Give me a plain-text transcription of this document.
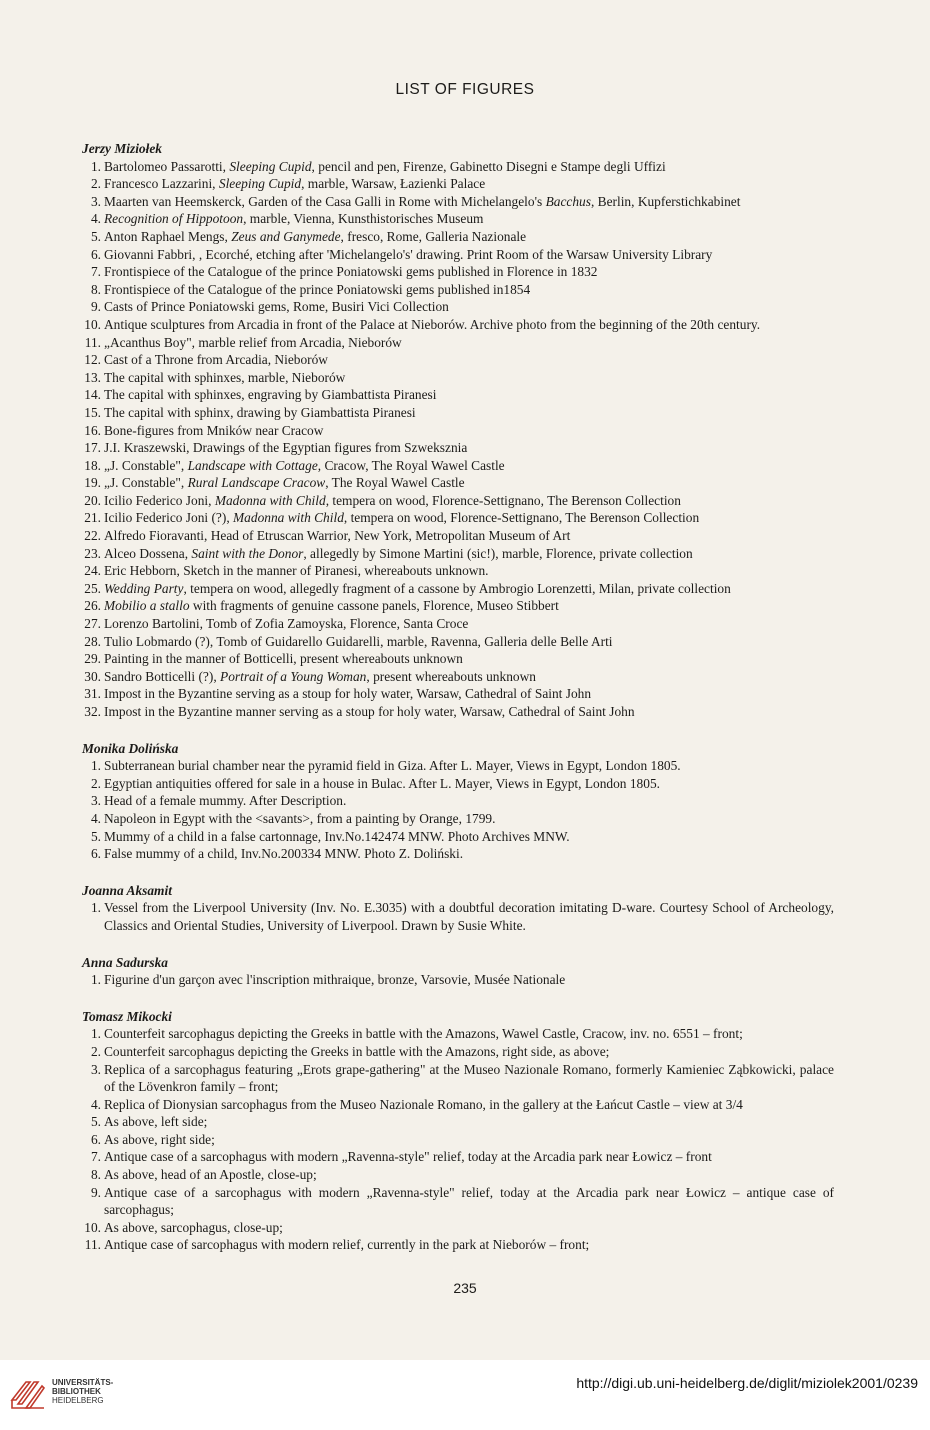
LIST OF FIGURES
Jerzy Miziołek
1. Bartolomeo Passarotti, Sleeping Cupid, pencil and pen, Firenze, Gabinetto Disegni e Stampe degli Uffizi
2. Francesco Lazzarini, Sleeping Cupid, marble, Warsaw, Łazienki Palace
3. Maarten van Heemskerck, Garden of the Casa Galli in Rome with Michelangelo's Bacchus, Berlin, Kupferstichkabinet
4. Recognition of Hippotoon, marble, Vienna, Kunsthistorisches Museum
5. Anton Raphael Mengs, Zeus and Ganymede, fresco, Rome, Galleria Nazionale
6. Giovanni Fabbri, , Ecorché, etching after 'Michelangelo's' drawing. Print Room of the Warsaw University Library
7. Frontispiece of the Catalogue of the prince Poniatowski gems published in Florence in 1832
8. Frontispiece of the Catalogue of the prince Poniatowski gems published in1854
9. Casts of Prince Poniatowski gems, Rome, Busiri Vici Collection
10. Antique sculptures from Arcadia in front of the Palace at Nieborów. Archive photo from the beginning of the 20th century.
11. „Acanthus Boy", marble relief from Arcadia, Nieborów
12. Cast of a Throne from Arcadia, Nieborów
13. The capital with sphinxes, marble, Nieborów
14. The capital with sphinxes, engraving by Giambattista Piranesi
15. The capital with sphinx, drawing by Giambattista Piranesi
16. Bone-figures from Mników near Cracow
17. J.I. Kraszewski, Drawings of the Egyptian figures from Szweksznia
18. „J. Constable", Landscape with Cottage, Cracow, The Royal Wawel Castle
19. „J. Constable", Rural Landscape Cracow, The Royal Wawel Castle
20. Icilio Federico Joni, Madonna with Child, tempera on wood, Florence-Settignano, The Berenson Collection
21. Icilio Federico Joni (?), Madonna with Child, tempera on wood, Florence-Settignano, The Berenson Collection
22. Alfredo Fioravanti, Head of Etruscan Warrior, New York, Metropolitan Museum of Art
23. Alceo Dossena, Saint with the Donor, allegedly by Simone Martini (sic!), marble, Florence, private collection
24. Eric Hebborn, Sketch in the manner of Piranesi, whereabouts unknown.
25. Wedding Party, tempera on wood, allegedly fragment of a cassone by Ambrogio Lorenzetti, Milan, private collection
26. Mobilio a stallo with fragments of genuine cassone panels, Florence, Museo Stibbert
27. Lorenzo Bartolini, Tomb of Zofia Zamoyska, Florence, Santa Croce
28. Tulio Lobmardo (?), Tomb of Guidarello Guidarelli, marble, Ravenna, Galleria delle Belle Arti
29. Painting in the manner of Botticelli, present whereabouts unknown
30. Sandro Botticelli (?), Portrait of a Young Woman, present whereabouts unknown
31. Impost in the Byzantine serving as a stoup for holy water, Warsaw, Cathedral of Saint John
32. Impost in the Byzantine manner serving as a stoup for holy water, Warsaw, Cathedral of Saint John
Monika Dolińska
1. Subterranean burial chamber near the pyramid field in Giza. After L. Mayer, Views in Egypt, London 1805.
2. Egyptian antiquities offered for sale in a house in Bulac. After L. Mayer, Views in Egypt, London 1805.
3. Head of a female mummy. After Description.
4. Napoleon in Egypt with the <savants>, from a painting by Orange, 1799.
5. Mummy of a child in a false cartonnage, Inv.No.142474 MNW. Photo Archives MNW.
6. False mummy of a child, Inv.No.200334 MNW. Photo Z. Doliński.
Joanna Aksamit
1. Vessel from the Liverpool University (Inv. No. E.3035) with a doubtful decoration imitating D-ware. Courtesy School of Archeology, Classics and Oriental Studies, University of Liverpool. Drawn by Susie White.
Anna Sadurska
1. Figurine d'un garçon avec l'inscription mithraique, bronze, Varsovie, Musée Nationale
Tomasz Mikocki
1. Counterfeit sarcophagus depicting the Greeks in battle with the Amazons, Wawel Castle, Cracow, inv. no. 6551 – front;
2. Counterfeit sarcophagus depicting the Greeks in battle with the Amazons, right side, as above;
3. Replica of a sarcophagus featuring „Erots grape-gathering" at the Museo Nazionale Romano, formerly Kamieniec Ząbkowicki, palace of the Lövenkron family – front;
4. Replica of Dionysian sarcophagus from the Museo Nazionale Romano, in the gallery at the Łańcut Castle – view at 3/4
5. As above, left side;
6. As above, right side;
7. Antique case of a sarcophagus with modern „Ravenna-style" relief, today at the Arcadia park near Łowicz – front
8. As above, head of an Apostle, close-up;
9. Antique case of a sarcophagus with modern „Ravenna-style" relief, today at the Arcadia park near Łowicz – antique case of sarcophagus;
10. As above, sarcophagus, close-up;
11. Antique case of sarcophagus with modern relief, currently in the park at Nieborów – front;
235
UNIVERSITÄTS-
BIBLIOTHEK
HEIDELBERG
http://digi.ub.uni-heidelberg.de/diglit/miziolek2001/0239
